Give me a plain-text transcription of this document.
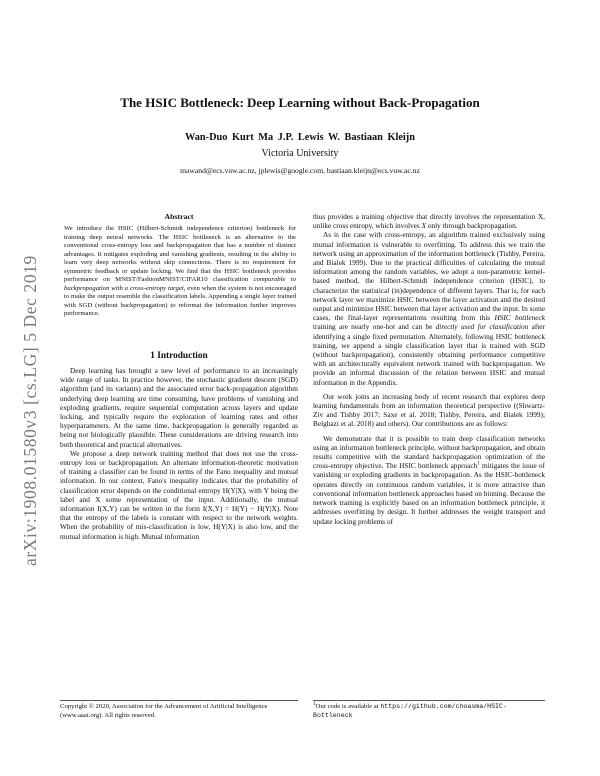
arXiv:1908.01580v3 [cs.LG] 5 Dec 2019
The HSIC Bottleneck: Deep Learning without Back-Propagation
Wan-Duo Kurt Ma J.P. Lewis W. Bastiaan Kleijn
Victoria University
mawand@ecs.vuw.ac.nz, jplewis@google.com, bastiaan.kleijn@ecs.vuw.ac.nz
Abstract
We introduce the HSIC (Hilbert-Schmidt independence criterion) bottleneck for training deep neural networks. The HSIC bottleneck is an alternative to the conventional cross-entropy loss and backpropagation that has a number of distinct advantages. It mitigates exploding and vanishing gradients, resulting in the ability to learn very deep networks without skip connections. There is no requirement for symmetric feedback or update locking. We find that the HSIC bottleneck provides performance on MNIST/FashionMNIST/CIFAR10 classification comparable to backpropagation with a cross-entropy target, even when the system is not encouraged to make the output resemble the classification labels. Appending a single layer trained with SGD (without backpropagation) to reformat the information further improves performance.
1 Introduction

Deep learning has brought a new level of performance to an increasingly wide range of tasks. In practice however, the stochastic gradient descent (SGD) algorithm (and its variants) and the associated error back-propagation algorithm underlying deep learning are time consuming, have problems of vanishing and exploding gradients, require sequential computation across layers and update locking, and typically require the exploration of learning rates and other hyperparameters. At the same time, backpropagation is generally regarded as being not biologically plausible. These considerations are driving research into both theoretical and practical alternatives.

We propose a deep network training method that does not use the cross-entropy loss or backpropagation. An alternate information-theoretic motivation of training a classifier can be found in terms of the Fano inequality and mutual information. In our context, Fano's inequality indicates that the probability of classification error depends on the conditional entropy H(Y|X), with Y being the label and X some representation of the input. Additionally, the mutual information I(X,Y) can be written in the form I(X,Y) = H(Y) − H(Y|X). Note that the entropy of the labels is constant with respect to the network weights. When the probability of mis-classification is low, H(Y|X) is also low, and the mutual information is high. Mutual information

thus provides a training objective that directly involves the representation X, unlike cross entropy, which involves X only through backpropagation.

As is the case with cross-entropy, an algorithm trained exclusively using mutual information is vulnerable to overfitting. To address this we train the network using an approximation of the information bottleneck (Tishby, Pereira, and Bialek 1999). Due to the practical difficulties of calculating the mutual information among the random variables, we adopt a non-parametric kernel-based method, the Hilbert-Schmidt independence criterion (HSIC), to characterize the statistical (in)dependence of different layers. That is, for each network layer we maximize HSIC between the layer activation and the desired output and minimize HSIC between that layer activation and the input. In some cases, the final-layer representations resulting from this HSIC bottleneck training are nearly one-hot and can be directly used for classification after identifying a single fixed permutation. Alternately, following HSIC bottleneck training, we append a single classification layer that is trained with SGD (without backpropagation), consistently obtaining performance competitive with an architecturally equivalent network trained with backpropagation. We provide an informal discussion of the relation between HSIC and mutual information in the Appendix.

Our work joins an increasing body of recent research that explores deep learning fundamentals from an information theoretical perspective ((Shwartz-Ziv and Tishby 2017; Saxe et al. 2018; Tishby, Pereira, and Bialek 1999); Belghazi et al. 2018) and others). Our contributions are as follows:

We demonstrate that it is possible to train deep classification networks using an information bottleneck principle, without backpropagation, and obtain results competitive with the standard backpropagation optimization of the cross-entropy objective. The HSIC bottleneck approach$^1$ mitigates the issue of vanishing or exploding gradients in backpropagation. As the HSIC-bottleneck operates directly on continuous random variables, it is more attractive than conventional information bottleneck approaches based on binning. Because the network training is explicitly based on an information bottleneck principle, it addresses overfitting by design. It further addresses the weight transport and update locking problems of

Copyright © 2020, Association for the Advancement of Artificial Intelligence (www.aaai.org). All rights reserved.
$^1$Our code is available at https://github.com/choasma/HSIC-Bottleneck
